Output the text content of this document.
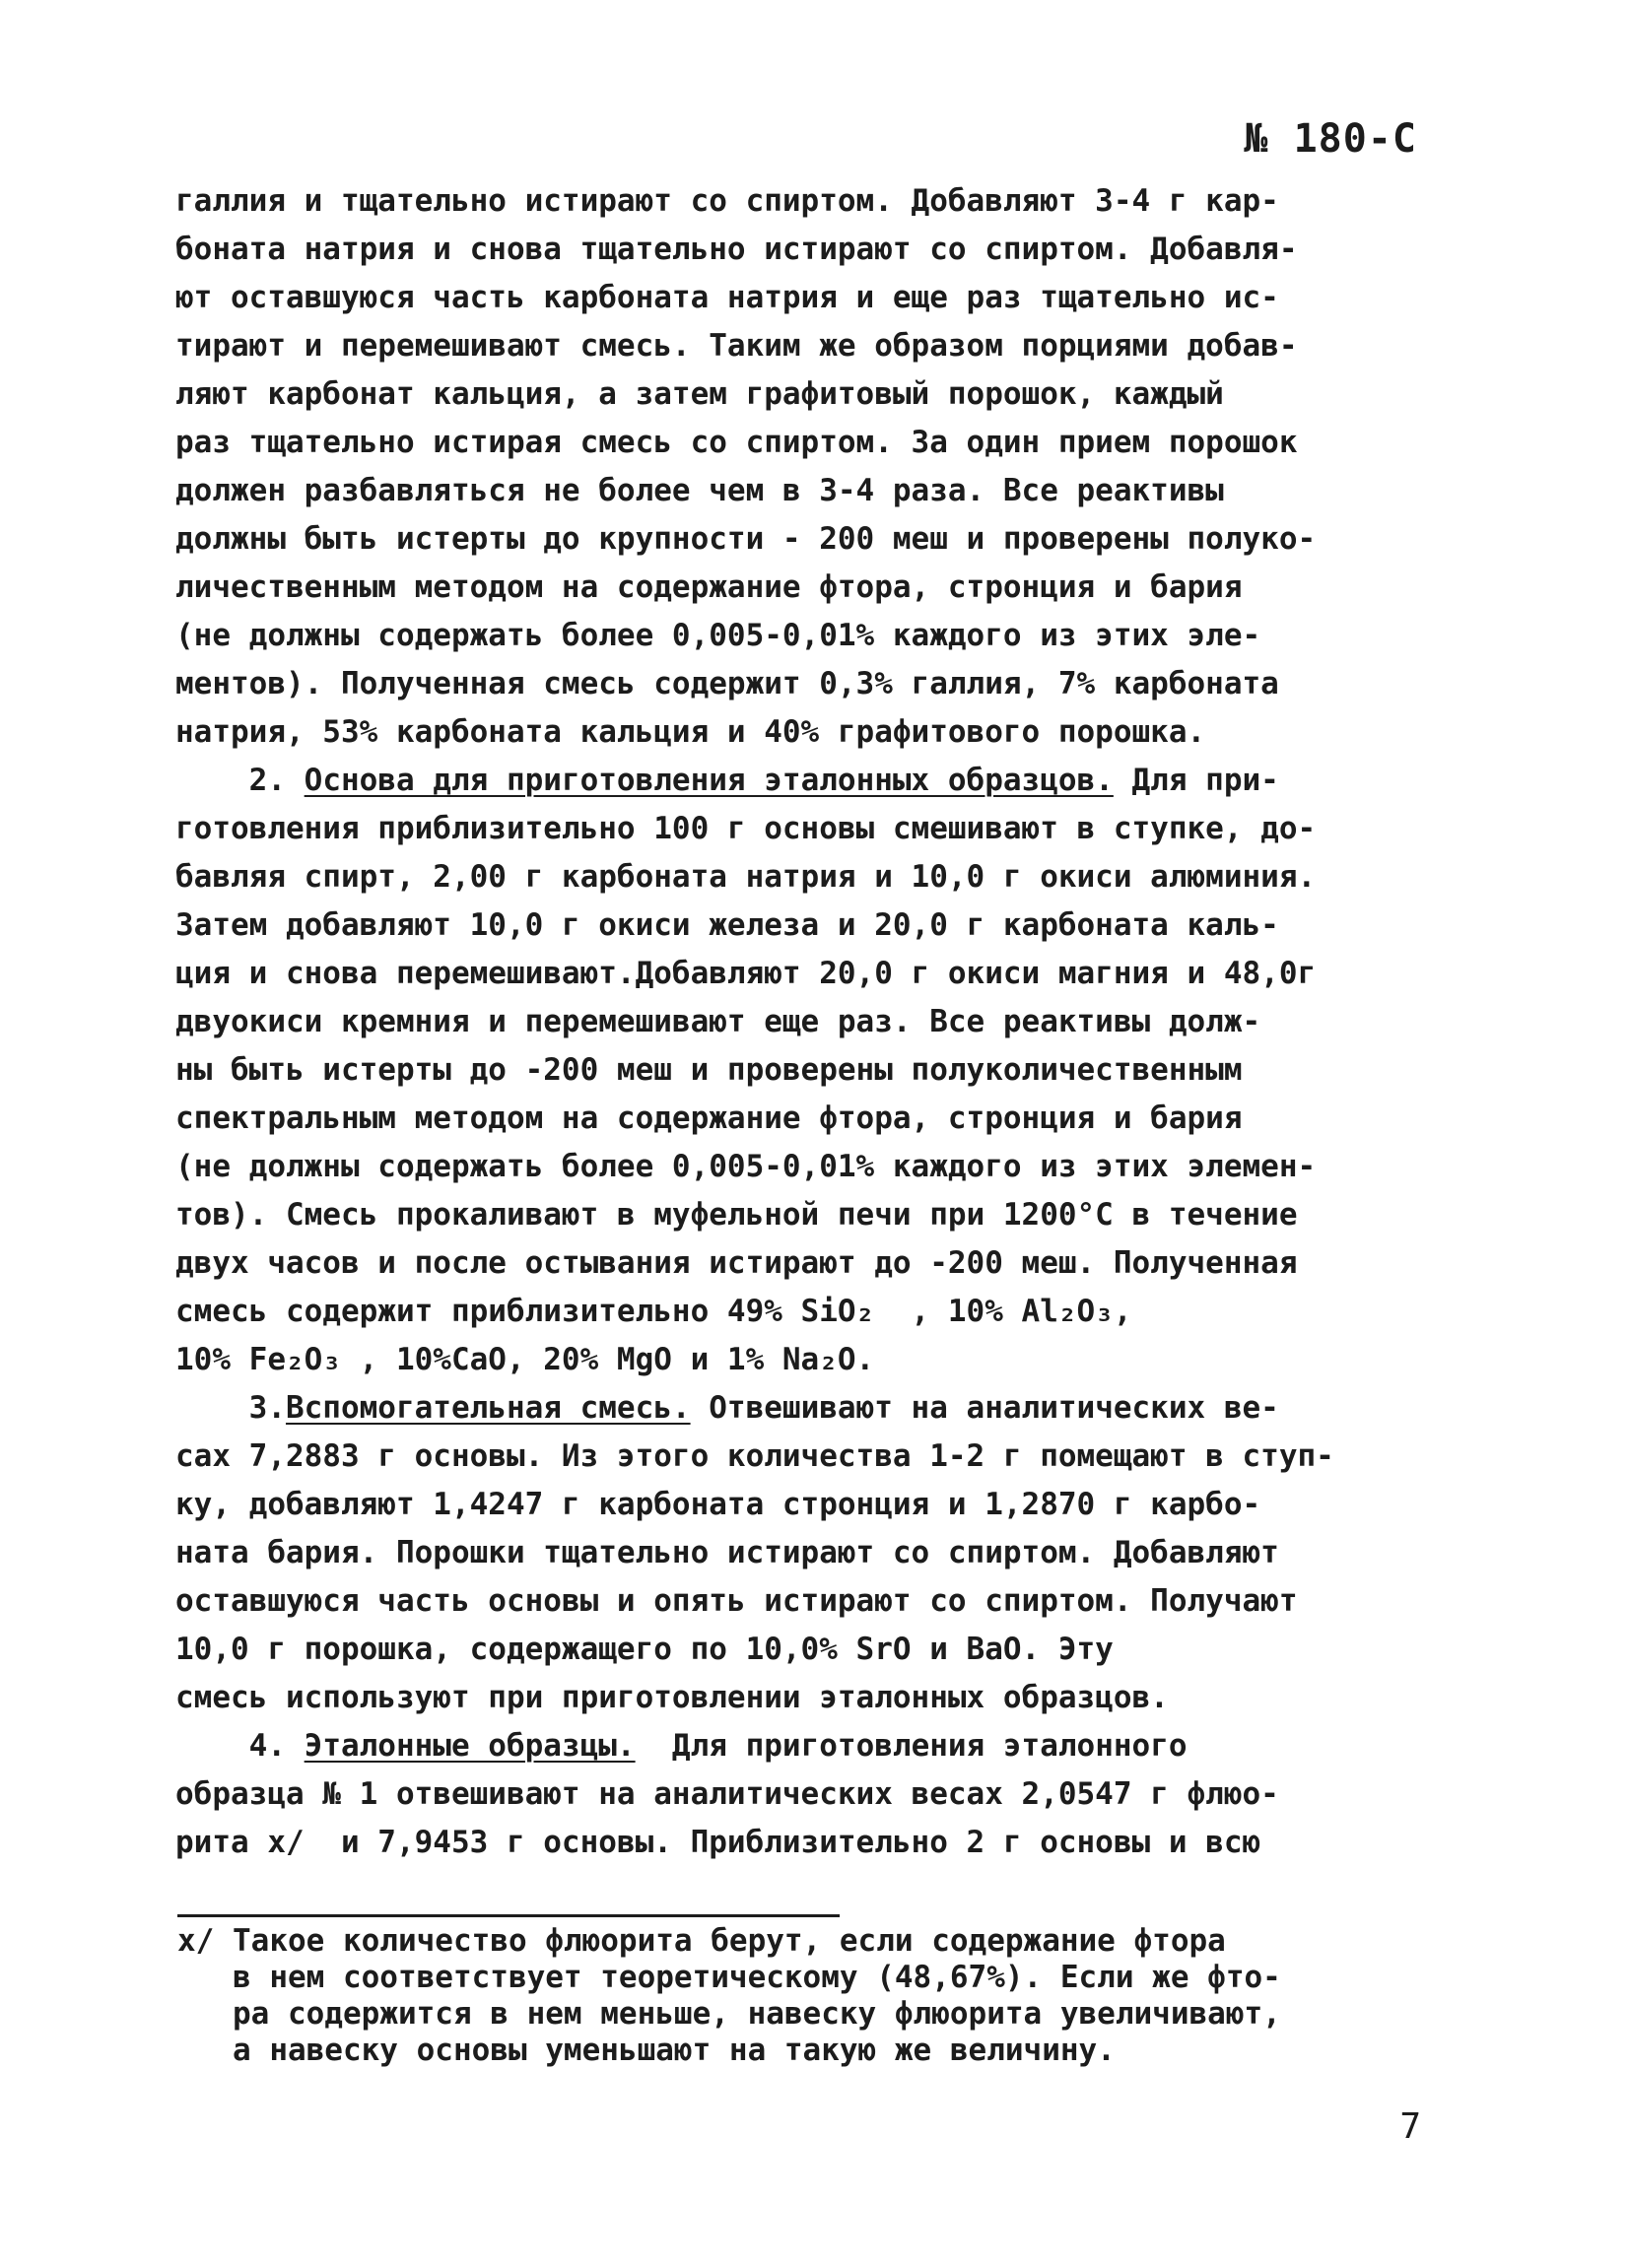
№ 180-С
галлия и тщательно истирают со спиртом. Добавляют 3-4 г кар-
боната натрия и снова тщательно истирают со спиртом. Добавля-
ют оставшуюся часть карбоната натрия и еще раз тщательно ис-
тирают и перемешивают смесь. Таким же образом порциями добав-
ляют карбонат кальция, а затем графитовый порошок, каждый
раз тщательно истирая смесь со спиртом. За один прием порошок
должен разбавляться не более чем в 3-4 раза. Все реактивы
должны быть истерты до крупности - 200 меш и проверены полуко-
личественным методом на содержание фтора, стронция и бария
(не должны содержать более 0,005-0,01% каждого из этих эле-
ментов). Полученная смесь содержит 0,3% галлия, 7% карбоната
натрия, 53% карбоната кальция и 40% графитового порошка.
2. Основа для приготовления эталонных образцов. Для при-
готовления приблизительно 100 г основы смешивают в ступке, до-
бавляя спирт, 2,00 г карбоната натрия и 10,0 г окиси алюминия.
Затем добавляют 10,0 г окиси железа и 20,0 г карбоната каль-
ция и снова перемешивают.Добавляют 20,0 г окиси магния и 48,0г
двуокиси кремния и перемешивают еще раз. Все реактивы долж-
ны быть истерты до -200 меш и проверены полуколичественным
спектральным методом на содержание фтора, стронция и бария
(не должны содержать более 0,005-0,01% каждого из этих элемен-
тов). Смесь прокаливают в муфельной печи при 1200°С в течение
двух часов и после остывания истирают до -200 меш. Полученная
смесь содержит приблизительно 49% SiO₂  , 10% Al₂O₃,
10% Fe₂O₃ , 10%CaO, 20% MgO и 1% Na₂O.
3.Вспомогательная смесь. Отвешивают на аналитических ве-
сах 7,2883 г основы. Из этого количества 1-2 г помещают в ступ-
ку, добавляют 1,4247 г карбоната стронция и 1,2870 г карбо-
ната бария. Порошки тщательно истирают со спиртом. Добавляют
оставшуюся часть основы и опять истирают со спиртом. Получают
10,0 г порошка, содержащего по 10,0% SrO и BaO. Эту
смесь используют при приготовлении эталонных образцов.
4. Эталонные образцы.  Для приготовления эталонного
образца № 1 отвешивают на аналитических весах 2,0547 г флюо-
рита х/  и 7,9453 г основы. Приблизительно 2 г основы и всю
х/ Такое количество флюорита берут, если содержание фтора
в нем соответствует теоретическому (48,67%). Если же фто-
ра содержится в нем меньше, навеску флюорита увеличивают,
а навеску основы уменьшают на такую же величину.
7
